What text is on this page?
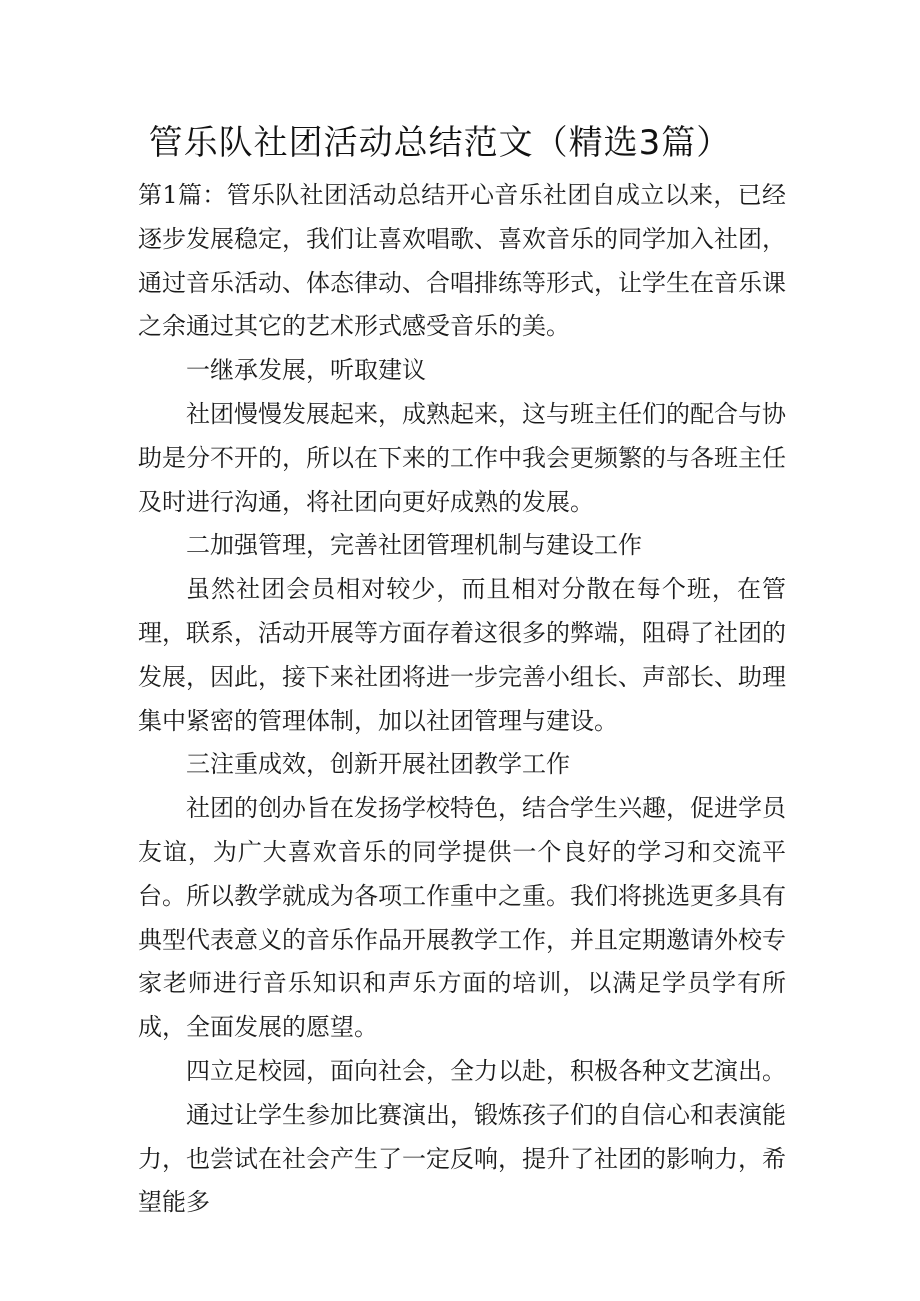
管乐队社团活动总结范文（精选3篇）

第1篇：管乐队社团活动总结开心音乐社团自成立以来，已经逐步发展稳定，我们让喜欢唱歌、喜欢音乐的同学加入社团，通过音乐活动、体态律动、合唱排练等形式，让学生在音乐课之余通过其它的艺术形式感受音乐的美。

一继承发展，听取建议

社团慢慢发展起来，成熟起来，这与班主任们的配合与协助是分不开的，所以在下来的工作中我会更频繁的与各班主任及时进行沟通，将社团向更好成熟的发展。

二加强管理，完善社团管理机制与建设工作

虽然社团会员相对较少，而且相对分散在每个班，在管理，联系，活动开展等方面存着这很多的弊端，阻碍了社团的发展，因此，接下来社团将进一步完善小组长、声部长、助理集中紧密的管理体制，加以社团管理与建设。

三注重成效，创新开展社团教学工作

社团的创办旨在发扬学校特色，结合学生兴趣，促进学员友谊，为广大喜欢音乐的同学提供一个良好的学习和交流平台。所以教学就成为各项工作重中之重。我们将挑选更多具有典型代表意义的音乐作品开展教学工作，并且定期邀请外校专家老师进行音乐知识和声乐方面的培训，以满足学员学有所成，全面发展的愿望。

四立足校园，面向社会，全力以赴，积极各种文艺演出。

通过让学生参加比赛演出，锻炼孩子们的自信心和表演能力，也尝试在社会产生了一定反响，提升了社团的影响力，希望能多
